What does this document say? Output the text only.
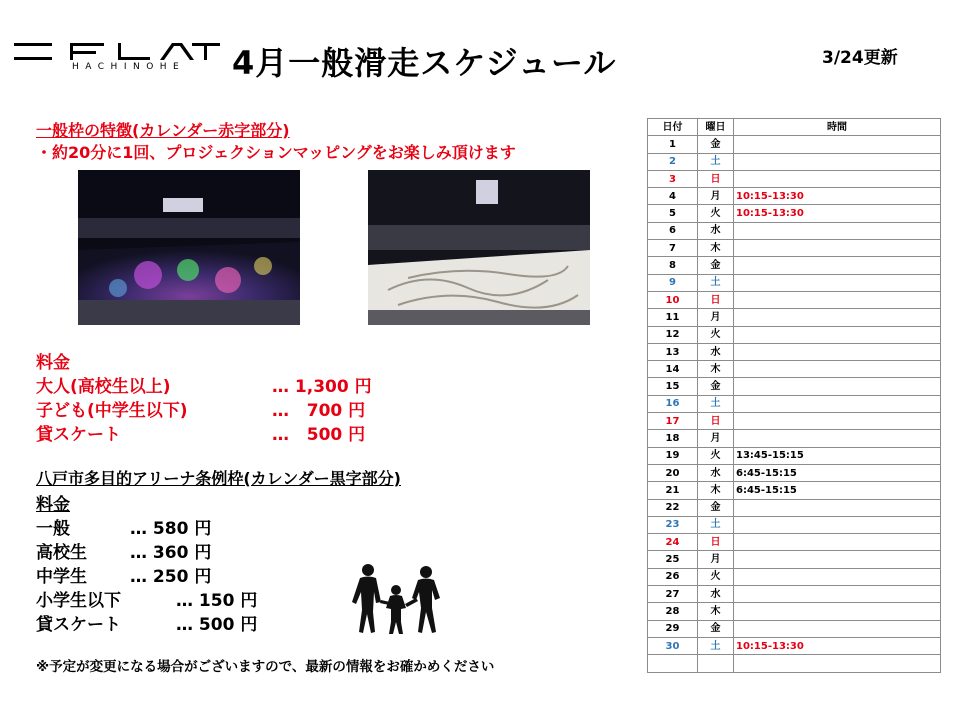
HACHINOHE 4月一般滑走スケジュール	3/24更新
一般枠の特徴(カレンダー赤字部分)
・約20分に1回、プロジェクションマッピングをお楽しみ頂けます
料金
大人(高校生以上)	… 1,300 円
子ども(中学生以下)	…   700 円
貸スケート	…   500 円
八戸市多目的アリーナ条例枠(カレンダー黒字部分)
料金
一般	… 580 円
高校生	… 360 円
中学生	… 250 円
小学生以下	… 150 円
貸スケート	… 500 円
※予定が変更になる場合がございますので、最新の情報をお確かめください
日付	曜日	時間
1	金	
2	土	
3	日	
4	月	10:15-13:30
5	火	10:15-13:30
6	水	
7	木	
8	金	
9	土	
10	日	
11	月	
12	火	
13	水	
14	木	
15	金	
16	土	
17	日	
18	月	
19	火	13:45-15:15
20	水	6:45-15:15
21	木	6:45-15:15
22	金	
23	土	
24	日	
25	月	
26	火	
27	水	
28	木	
29	金	
30	土	10:15-13:30
